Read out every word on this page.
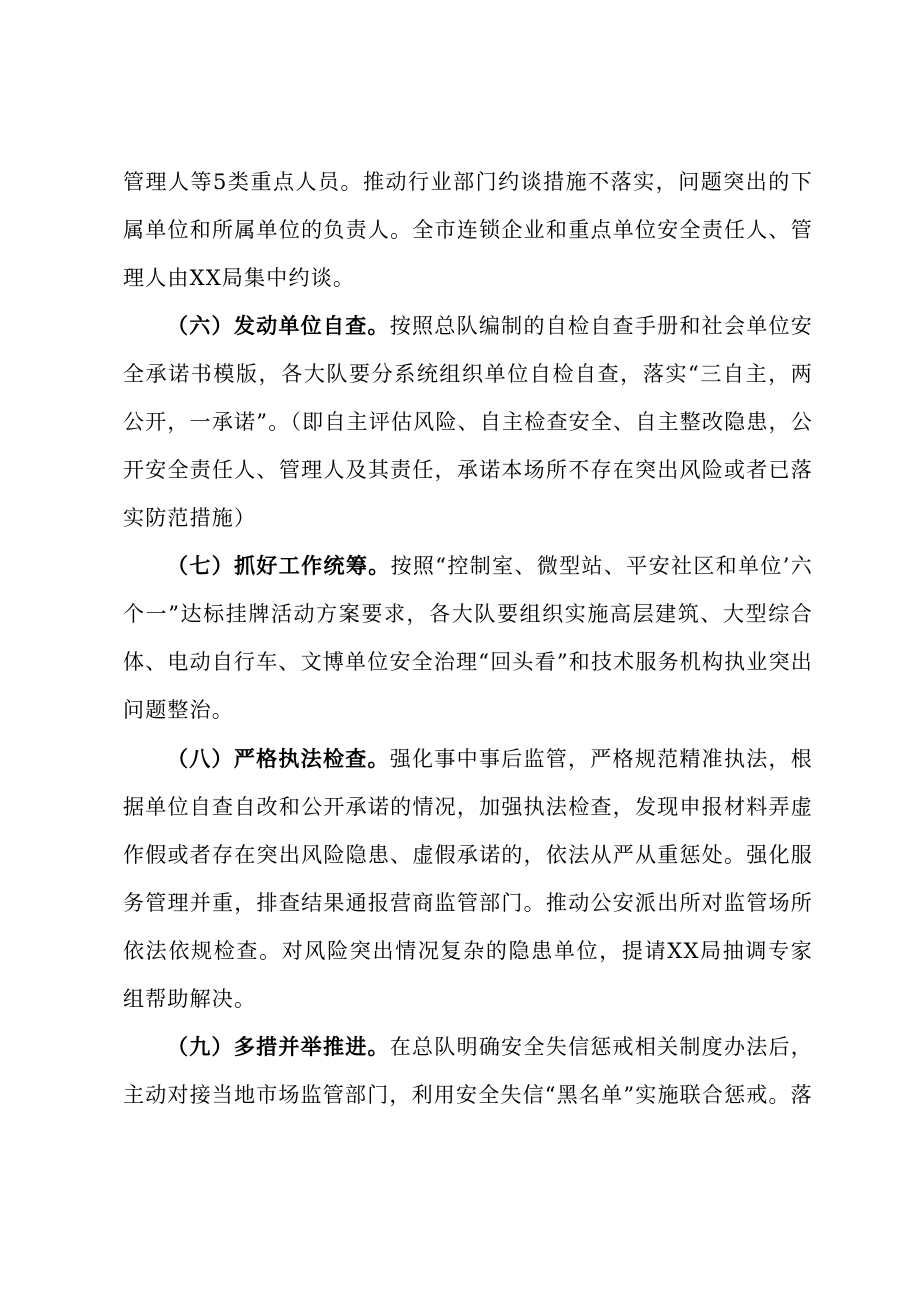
管理人等5类重点人员。推动行业部门约谈措施不落实，问题突出的下属单位和所属单位的负责人。全市连锁企业和重点单位安全责任人、管理人由XX局集中约谈。

（六）发动单位自查。按照总队编制的自检自查手册和社会单位安全承诺书模版，各大队要分系统组织单位自检自查，落实“三自主，两公开，一承诺”。（即自主评估风险、自主检查安全、自主整改隐患，公开安全责任人、管理人及其责任，承诺本场所不存在突出风险或者已落实防范措施）

（七）抓好工作统筹。按照“控制室、微型站、平安社区和单位’六个一”达标挂牌活动方案要求，各大队要组织实施高层建筑、大型综合体、电动自行车、文博单位安全治理“回头看”和技术服务机构执业突出问题整治。

（八）严格执法检查。强化事中事后监管，严格规范精准执法，根据单位自查自改和公开承诺的情况，加强执法检查，发现申报材料弄虚作假或者存在突出风险隐患、虚假承诺的，依法从严从重惩处。强化服务管理并重，排查结果通报营商监管部门。推动公安派出所对监管场所依法依规检查。对风险突出情况复杂的隐患单位，提请XX局抽调专家组帮助解决。

（九）多措并举推进。在总队明确安全失信惩戒相关制度办法后，主动对接当地市场监管部门，利用安全失信“黑名单”实施联合惩戒。落
